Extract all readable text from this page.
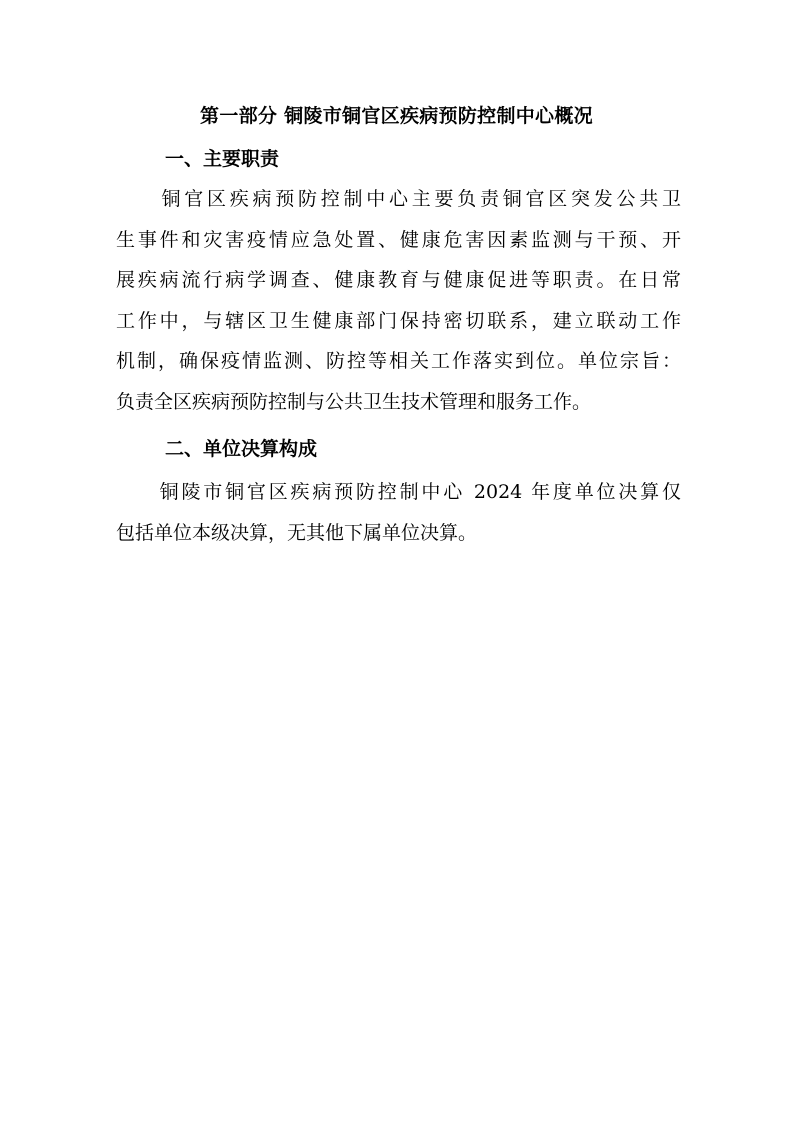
第一部分 铜陵市铜官区疾病预防控制中心概况
一、主要职责
　　铜官区疾病预防控制中心主要负责铜官区突发公共卫
生事件和灾害疫情应急处置、健康危害因素监测与干预、开
展疾病流行病学调查、健康教育与健康促进等职责。在日常
工作中，与辖区卫生健康部门保持密切联系，建立联动工作
机制，确保疫情监测、防控等相关工作落实到位。单位宗旨：
负责全区疾病预防控制与公共卫生技术管理和服务工作。
二、单位决算构成
　　铜陵市铜官区疾病预防控制中心 2024 年度单位决算仅
包括单位本级决算，无其他下属单位决算。
